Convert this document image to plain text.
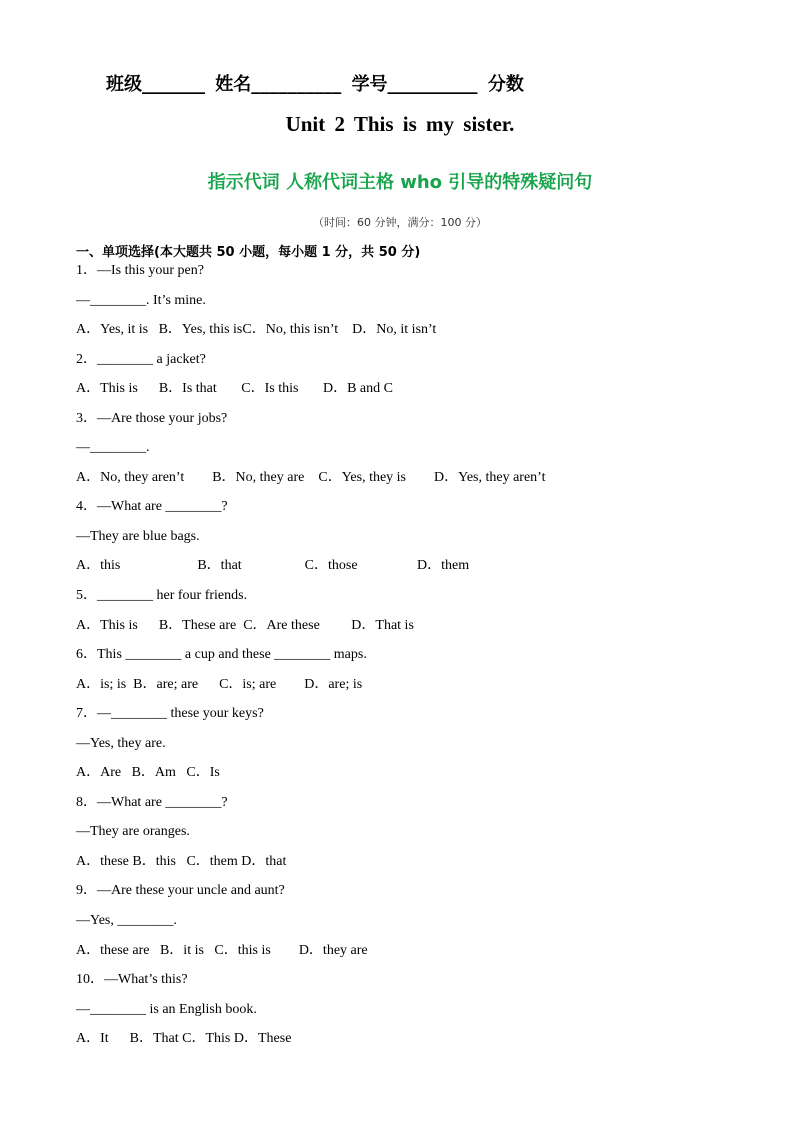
班级_______ 姓名__________ 学号__________ 分数
Unit 2 This is my sister.
指示代词 人称代词主格 who 引导的特殊疑问句
（时间：60 分钟，满分：100 分）
一、单项选择(本大题共 50 小题，每小题 1 分，共 50 分)
1．—Is this your pen?
—________. It’s mine.
A．Yes, it is   B．Yes, this isC．No, this isn’t    D．No, it isn’t
2．________ a jacket?
A．This is      B．Is that       C．Is this       D．B and C
3．—Are those your jobs?
—________.
A．No, they aren’t        B．No, they are    C．Yes, they is        D．Yes, they aren’t
4．—What are ________?
—They are blue bags.
A．this                      B．that                  C．those                 D．them
5．________ her four friends.
A．This is      B．These are  C．Are these         D．That is
6．This ________ a cup and these ________ maps.
A．is; is  B．are; are      C．is; are        D．are; is
7．—________ these your keys?
—Yes, they are.
A．Are   B．Am   C．Is
8．—What are ________?
—They are oranges.
A．these B．this   C．them D．that
9．—Are these your uncle and aunt?
—Yes, ________.
A．these are   B．it is   C．this is        D．they are
10．—What’s this?
—________ is an English book.
A．It      B．That C．This D．These
